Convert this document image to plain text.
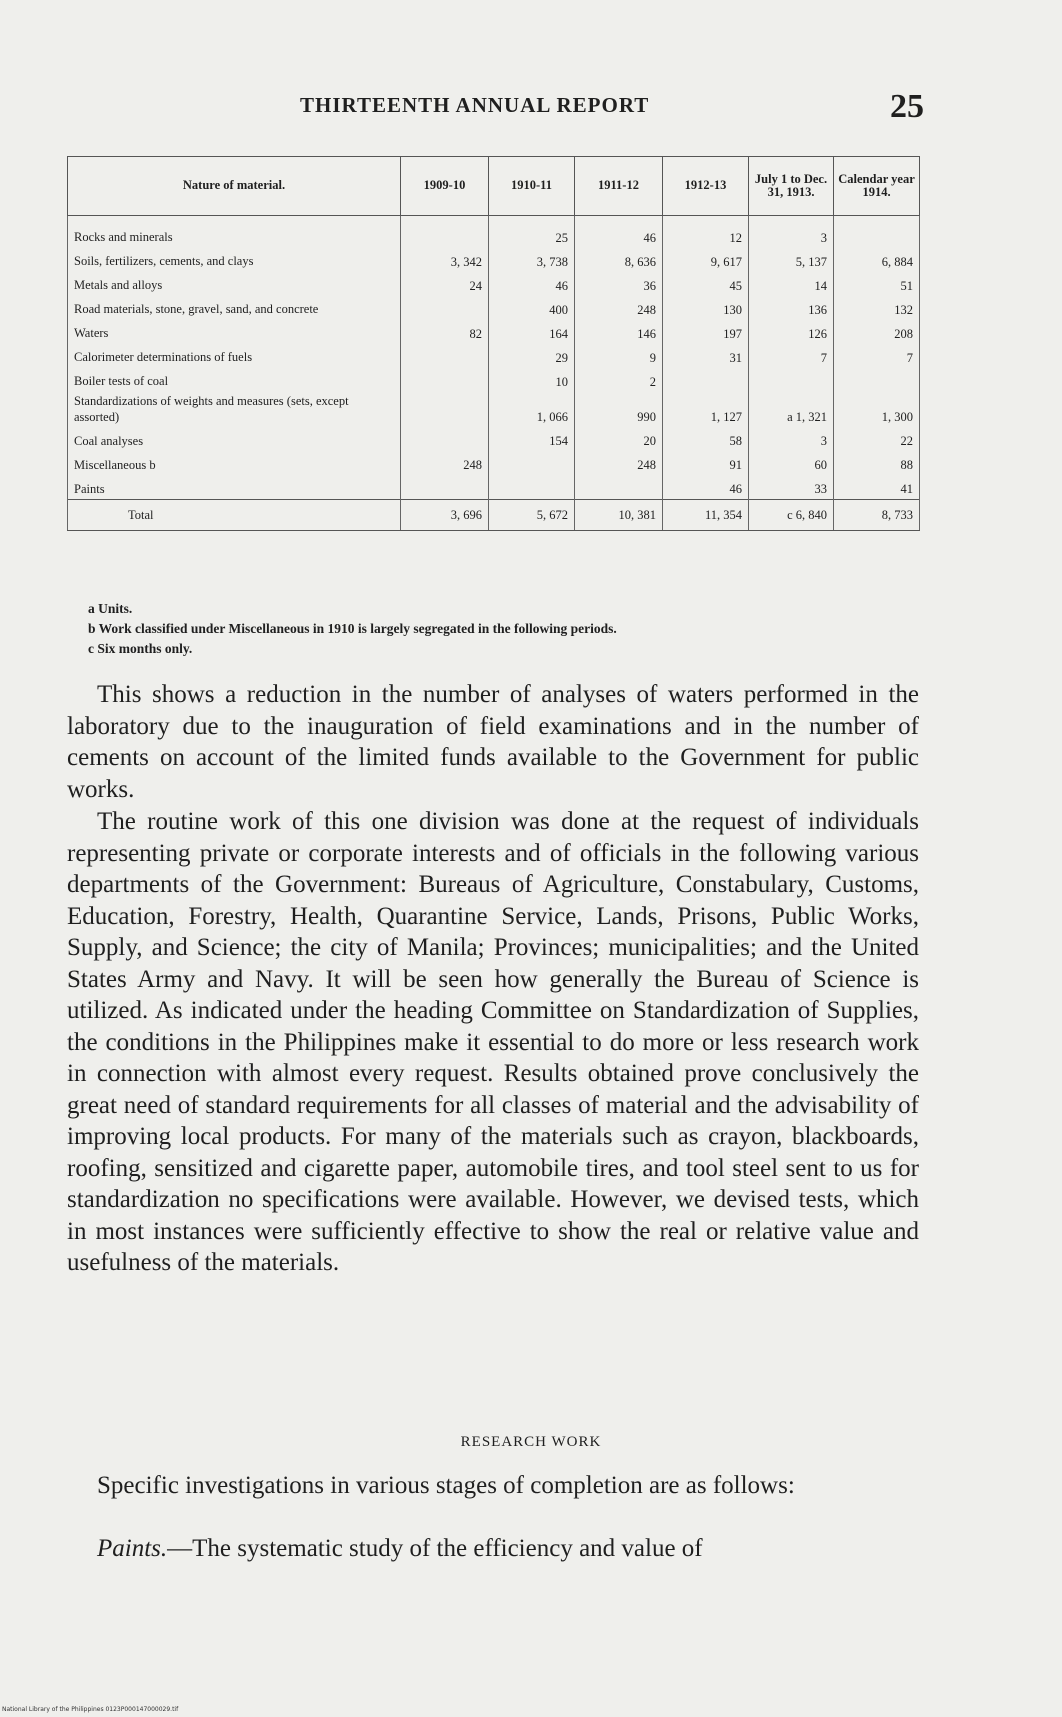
THIRTEENTH ANNUAL REPORT	25
Nature of material.	1909-10	1910-11	1911-12	1912-13	July 1 to Dec. 31, 1913.	Calendar year 1914.

Rocks and minerals		25	46	12	3	
Soils, fertilizers, cements, and clays	3, 342	3, 738	8, 636	9, 617	5, 137	6, 884
Metals and alloys	24	46	36	45	14	51
Road materials, stone, gravel, sand, and concrete		400	248	130	136	132
Waters	82	164	146	197	126	208
Calorimeter determinations of fuels		29	9	31	7	7
Boiler tests of coal		10	2			
Standardizations of weights and measures (sets, except assorted)		1, 066	990	1, 127	a 1, 321	1, 300
Coal analyses		154	20	58	3	22
Miscellaneous b	248		248	91	60	88
Paints				46	33	41
Total	3, 696	5, 672	10, 381	11, 354	c 6, 840	8, 733
a Units.
b Work classified under Miscellaneous in 1910 is largely segregated in the following periods.
c Six months only.

This shows a reduction in the number of analyses of waters performed in the laboratory due to the inauguration of field examinations and in the number of cements on account of the limited funds available to the Government for public works.

The routine work of this one division was done at the request of individuals representing private or corporate interests and of officials in the following various departments of the Government: Bureaus of Agriculture, Constabulary, Customs, Education, Forestry, Health, Quarantine Service, Lands, Prisons, Public Works, Supply, and Science; the city of Manila; Provinces; municipalities; and the United States Army and Navy. It will be seen how generally the Bureau of Science is utilized. As indicated under the heading Committee on Standardization of Supplies, the conditions in the Philippines make it essential to do more or less research work in connection with almost every request. Results obtained prove conclusively the great need of standard requirements for all classes of material and the advisability of improving local products. For many of the materials such as crayon, blackboards, roofing, sensitized and cigarette paper, automobile tires, and tool steel sent to us for standardization no specifications were available. However, we devised tests, which in most instances were sufficiently effective to show the real or relative value and usefulness of the materials.

RESEARCH WORK

Specific investigations in various stages of completion are as follows:

Paints.—The systematic study of the efficiency and value of

National Library of the Philippines 0123P000147000029.tif
